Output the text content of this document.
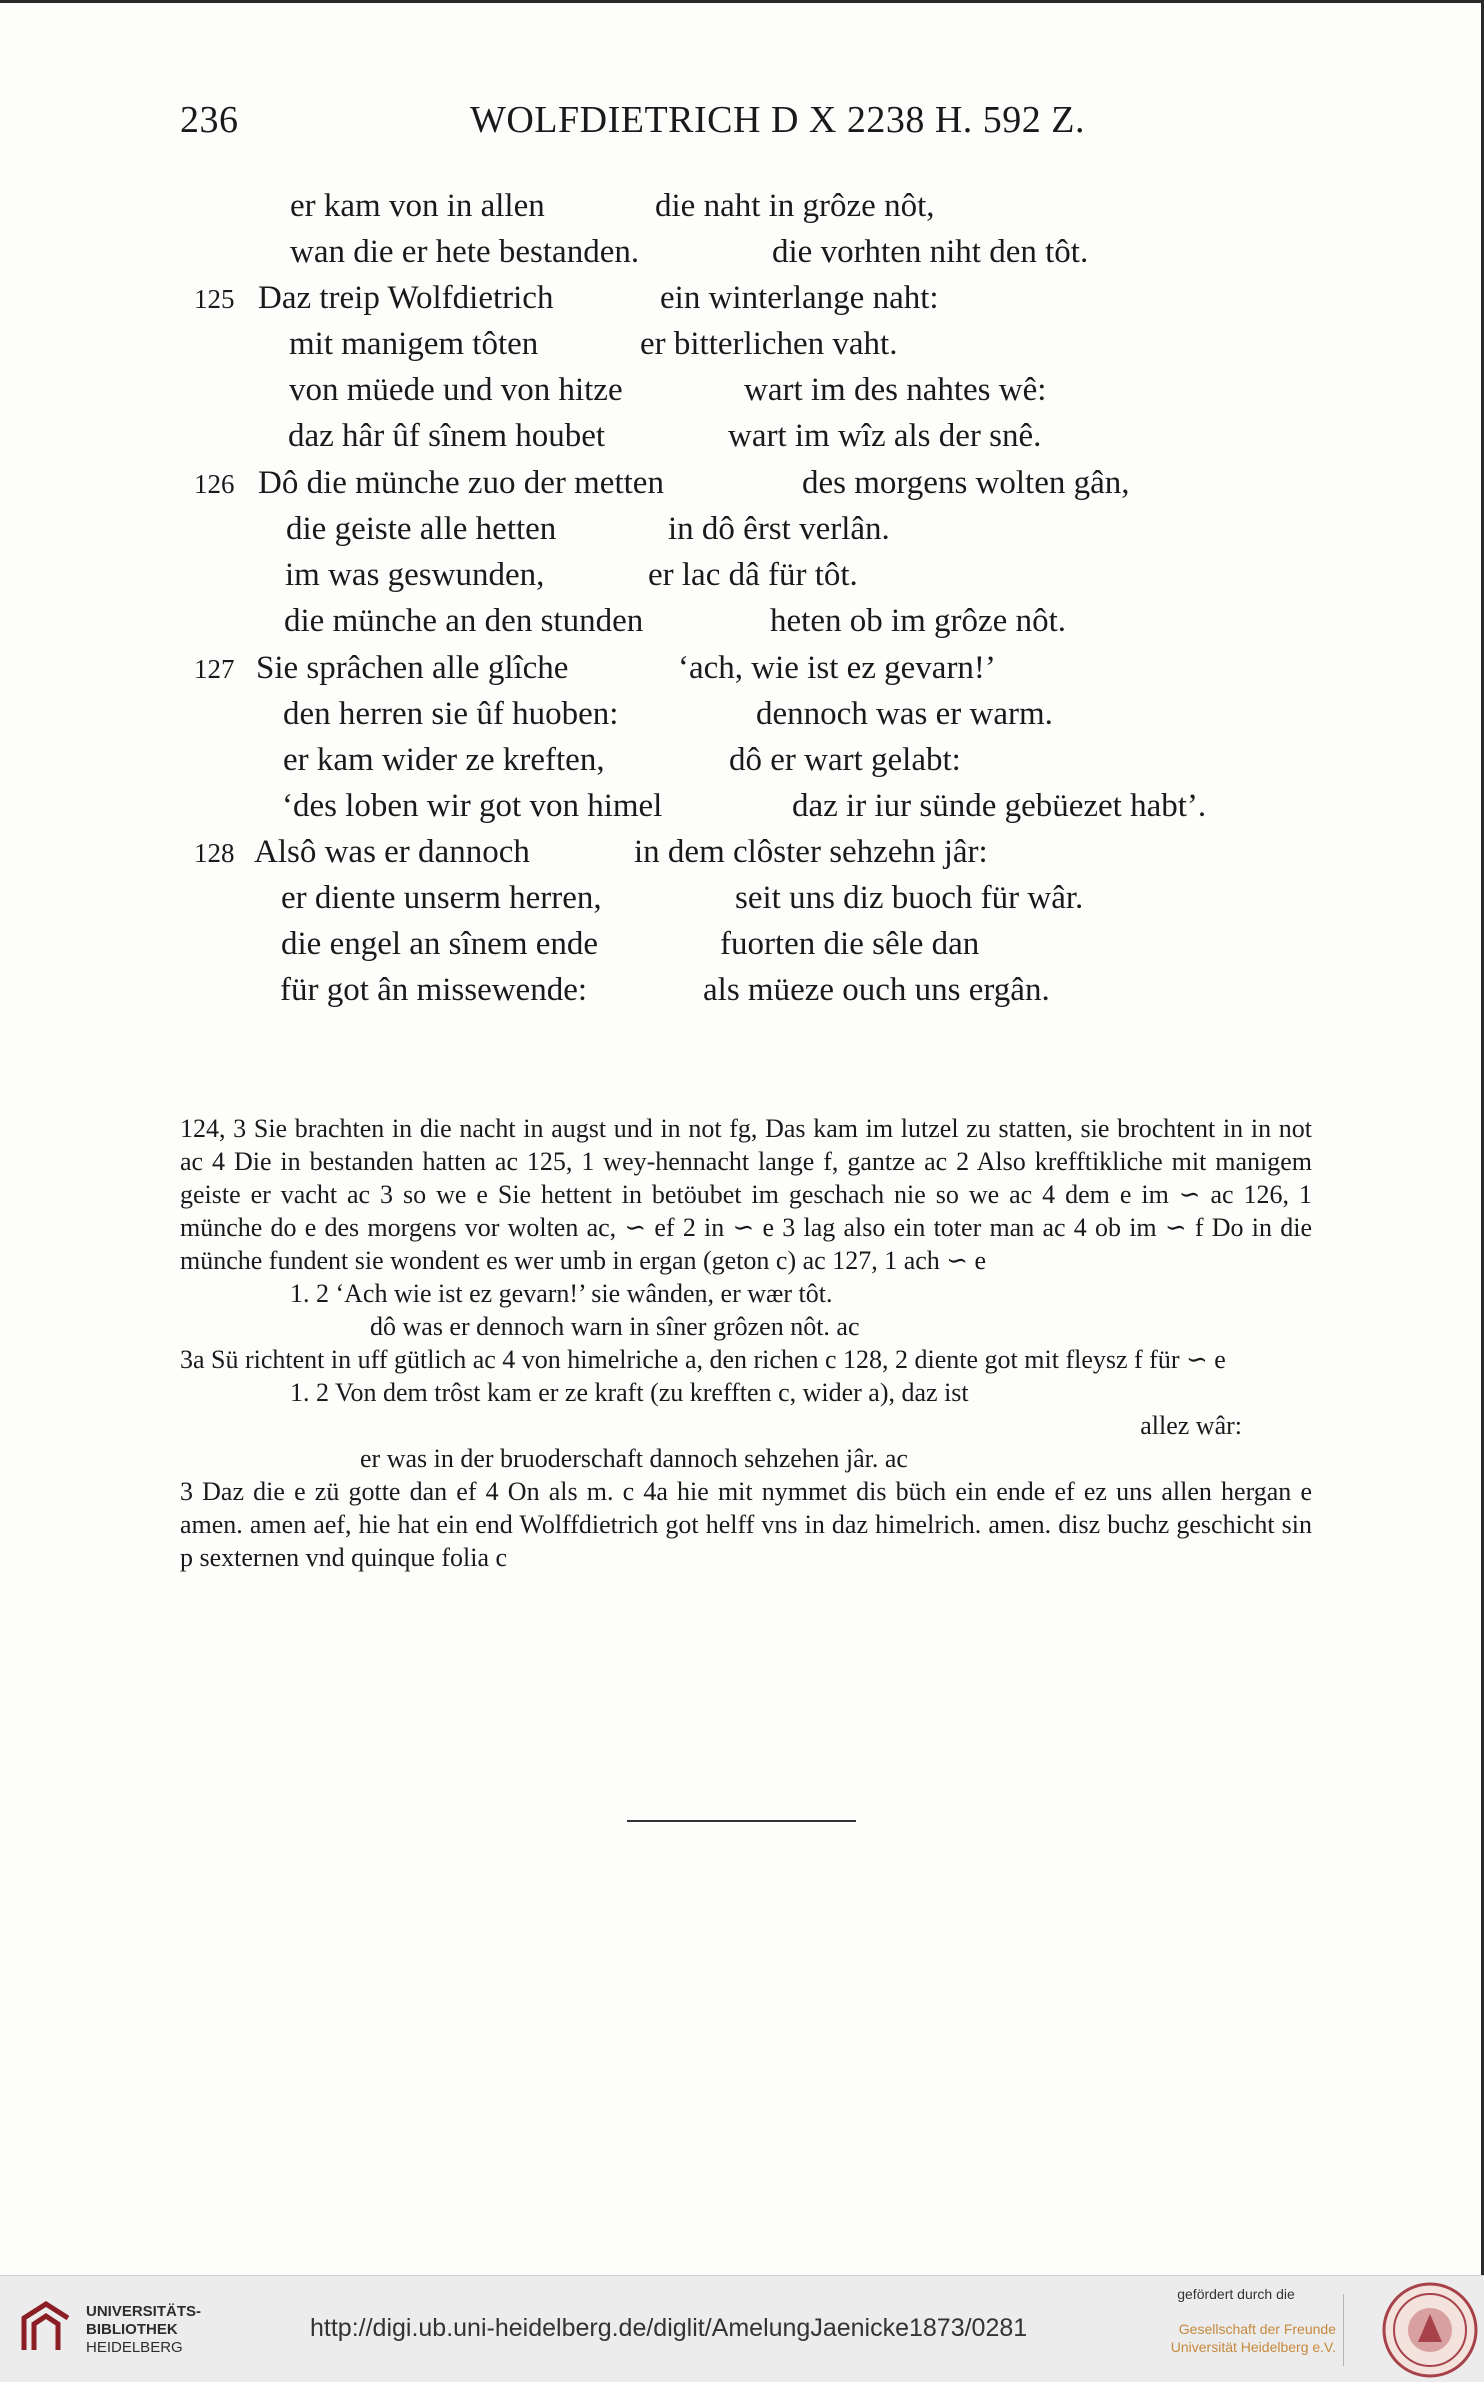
236	WOLFDIETRICH D X 2238 H. 592 Z.
er kam von in allen	die naht in grôze nôt,
wan die er hete bestanden.	die vorhten niht den tôt.
125 Daz treip Wolfdietrich	ein winterlange naht:
mit manigem tôten	er bitterlichen vaht.
von müede und von hitze	wart im des nahtes wê:
daz hâr ûf sînem houbet	wart im wîz als der snê.
126 Dô die münche zuo der metten	des morgens wolten gân,
die geiste alle hetten	in dô êrst verlân.
im was geswunden,	er lac dâ für tôt.
die münche an den stunden	heten ob im grôze nôt.
127 Sie sprâchen alle glîche	‘ach, wie ist ez gevarn!’
den herren sie ûf huoben:	dennoch was er warm.
er kam wider ze kreften,	dô er wart gelabt:
‘des loben wir got von himel	daz ir iur sünde gebüezet habt’.
128 Alsô was er dannoch	in dem clôster sehzehn jâr:
er diente unserm herren,	seit uns diz buoch für wâr.
die engel an sînem ende	fuorten die sêle dan
für got ân missewende:	als müeze ouch uns ergân.

124, 3 Sie brachten in die nacht in augst und in not fg, Das kam im lutzel zu statten, sie brochtent in in not ac 4 Die in bestanden hatten ac 125, 1 wey-hennacht lange f, gantze ac 2 Also krefftikliche mit manigem geiste er vacht ac 3 so we e Sie hettent in betöubet im geschach nie so we ac 4 dem e im ∽ ac 126, 1 münche do e des morgens vor wolten ac, ∽ ef 2 in ∽ e 3 lag also ein toter man ac 4 ob im ∽ f Do in die münche fundent sie wondent es wer umb in ergan (geton c) ac 127, 1 ach ∽ e

1. 2 ‘Ach wie ist ez gevarn!’ sie wânden, er wær tôt.

dô was er dennoch warn in sîner grôzen nôt. ac

3a Sü richtent in uff gütlich ac 4 von himelriche a, den richen c 128, 2 diente got mit fleysz f für ∽ e

1. 2 Von dem trôst kam er ze kraft (zu krefften c, wider a), daz ist

allez wâr:

er was in der bruoderschaft dannoch sehzehen jâr. ac

3 Daz die e zü gotte dan ef 4 On als m. c 4a hie mit nymmet dis büch ein ende ef ez uns allen hergan e amen. amen aef, hie hat ein end Wolffdietrich got helff vns in daz himelrich. amen. disz buchz geschicht sin p sexternen vnd quinque folia c

UNIVERSITÄTS-
BIBLIOTHEK
HEIDELBERG
http://digi.ub.uni-heidelberg.de/diglit/AmelungJaenicke1873/0281
gefördert durch die
Gesellschaft der Freunde
Universität Heidelberg e.V.
